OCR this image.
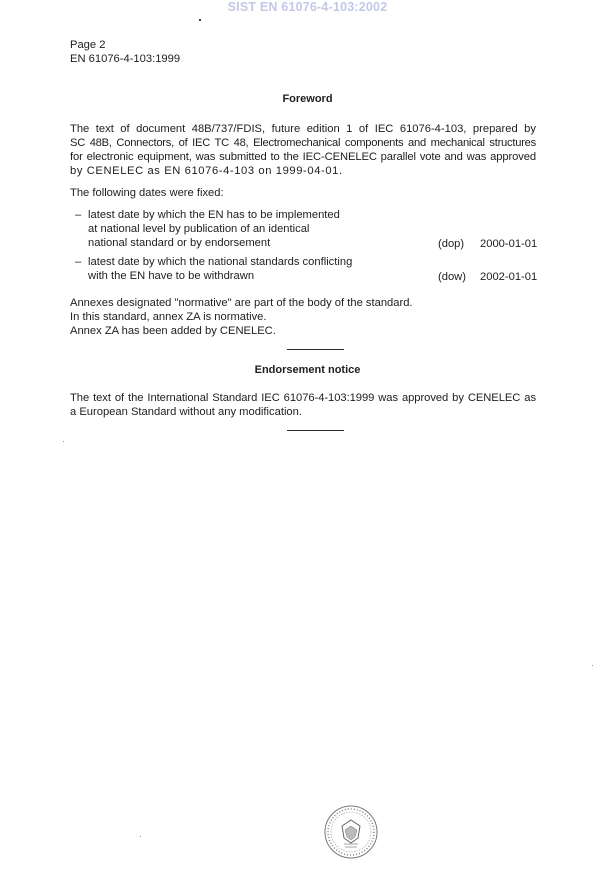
SIST EN 61076-4-103:2002
Page 2
EN 61076-4-103:1999
Foreword
The text of document 48B/737/FDIS, future edition 1 of IEC 61076-4-103, prepared by
SC 48B, Connectors, of IEC TC 48, Electromechanical components and mechanical structures
for electronic equipment, was submitted to the IEC-CENELEC parallel vote and was approved
by CENELEC as EN 61076-4-103 on 1999-04-01.
The following dates were fixed:
– latest date by which the EN has to be implemented
at national level by publication of an identical
national standard or by endorsement	(dop) 2000-01-01
– latest date by which the national standards conflicting
with the EN have to be withdrawn	(dow) 2002-01-01
Annexes designated "normative" are part of the body of the standard.
In this standard, annex ZA is normative.
Annex ZA has been added by CENELEC.
Endorsement notice
The text of the International Standard IEC 61076-4-103:1999 was approved by CENELEC as
a European Standard without any modification.
